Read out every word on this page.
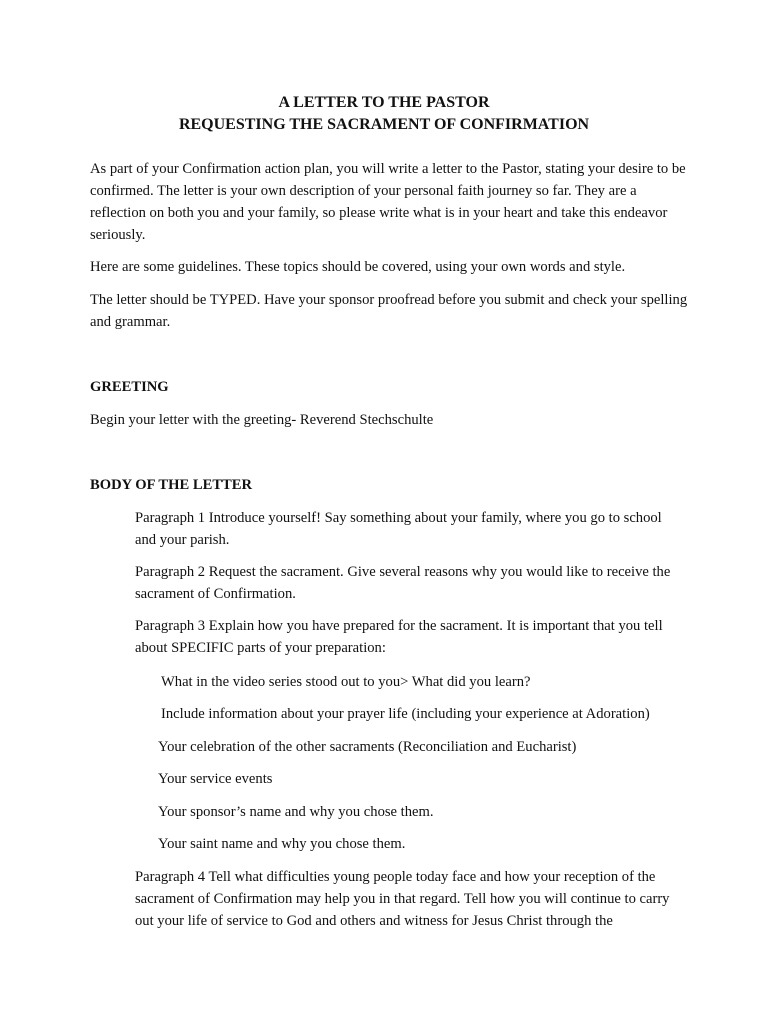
A LETTER TO THE PASTOR
REQUESTING THE SACRAMENT OF CONFIRMATION

As part of your Confirmation action plan, you will write a letter to the Pastor, stating your desire to be confirmed. The letter is your own description of your personal faith journey so far. They are a reflection on both you and your family, so please write what is in your heart and take this endeavor seriously.

Here are some guidelines. These topics should be covered, using your own words and style.

The letter should be TYPED. Have your sponsor proofread before you submit and check your spelling and grammar.

GREETING

Begin your letter with the greeting- Reverend Stechschulte

BODY OF THE LETTER

Paragraph 1 Introduce yourself! Say something about your family, where you go to school and your parish.

Paragraph 2 Request the sacrament. Give several reasons why you would like to receive the sacrament of Confirmation.

Paragraph 3 Explain how you have prepared for the sacrament. It is important that you tell about SPECIFIC parts of your preparation:

What in the video series stood out to you> What did you learn?

Include information about your prayer life (including your experience at Adoration)

Your celebration of the other sacraments (Reconciliation and Eucharist)

Your service events

Your sponsor’s name and why you chose them.

Your saint name and why you chose them.

Paragraph 4 Tell what difficulties young people today face and how your reception of the sacrament of Confirmation may help you in that regard. Tell how you will continue to carry out your life of service to God and others and witness for Jesus Christ through the
